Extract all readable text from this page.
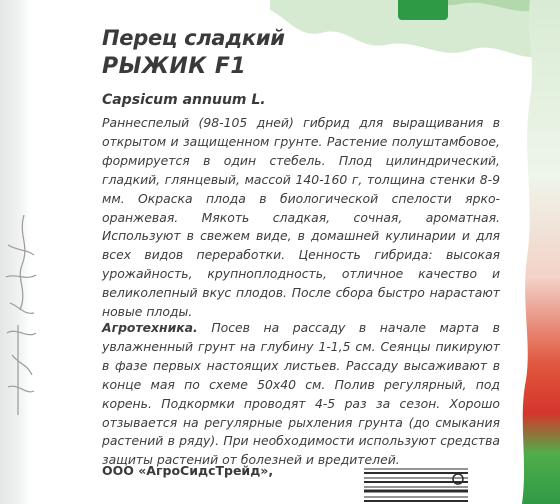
Перец сладкий
РЫЖИК F1

Capsicum annuum L.

Раннеспелый (98-105 дней) гибрид для выращивания в открытом и защищенном грунте. Растение полуштамбовое, формируется в один стебель. Плод цилиндрический, гладкий, глянцевый, массой 140-160 г, толщина стенки 8-9 мм. Окраска плода в биологической спелости ярко-оранжевая. Мякоть сладкая, сочная, ароматная. Используют в свежем виде, в домашней кулинарии и для всех видов переработки. Ценность гибрида: высокая урожайность, крупноплодность, отличное качество и великолепный вкус плодов. После сбора быстро нарастают новые плоды.

Агротехника. Посев на рассаду в начале марта в увлажненный грунт на глубину 1-1,5 см. Сеянцы пикируют в фазе первых настоящих листьев. Рассаду высаживают в конце мая по схеме 50х40 см. Полив регулярный, под корень. Подкормки проводят 4-5 раз за сезон. Хорошо отзывается на регулярные рыхления грунта (до смыкания растений в ряду). При необходимости используют средства защиты растений от болезней и вредителей.

ООО «АгроСидсТрейд»,
